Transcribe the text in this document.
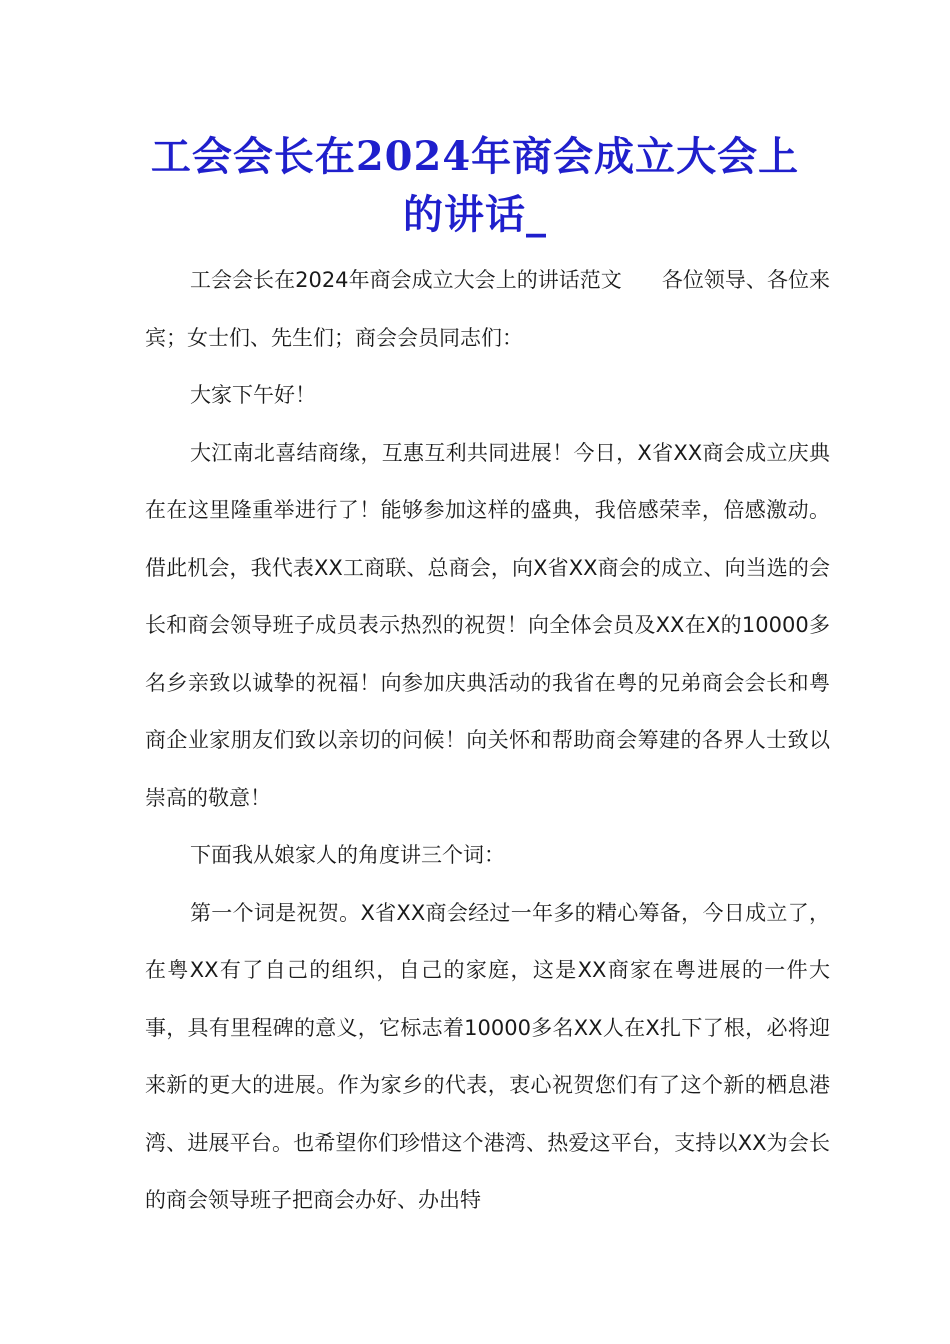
工会会长在2024年商会成立大会上
的讲话_

工会会长在2024年商会成立大会上的讲话范文 各位领导、各位来宾；女士们、先生们；商会会员同志们：

大家下午好！

大江南北喜结商缘，互惠互利共同进展！今日，X省XX商会成立庆典在在这里隆重举进行了！能够参加这样的盛典，我倍感荣幸，倍感激动。借此机会，我代表XX工商联、总商会，向X省XX商会的成立、向当选的会长和商会领导班子成员表示热烈的祝贺！向全体会员及XX在X的10000多名乡亲致以诚挚的祝福！向参加庆典活动的我省在粤的兄弟商会会长和粤商企业家朋友们致以亲切的问候！向关怀和帮助商会筹建的各界人士致以崇高的敬意！

下面我从娘家人的角度讲三个词：

第一个词是祝贺。X省XX商会经过一年多的精心筹备，今日成立了，在粤XX有了自己的组织，自己的家庭，这是XX商家在粤进展的一件大事，具有里程碑的意义，它标志着10000多名XX人在X扎下了根，必将迎来新的更大的进展。作为家乡的代表，衷心祝贺您们有了这个新的栖息港湾、进展平台。也希望你们珍惜这个港湾、热爱这平台，支持以XX为会长的商会领导班子把商会办好、办出特
